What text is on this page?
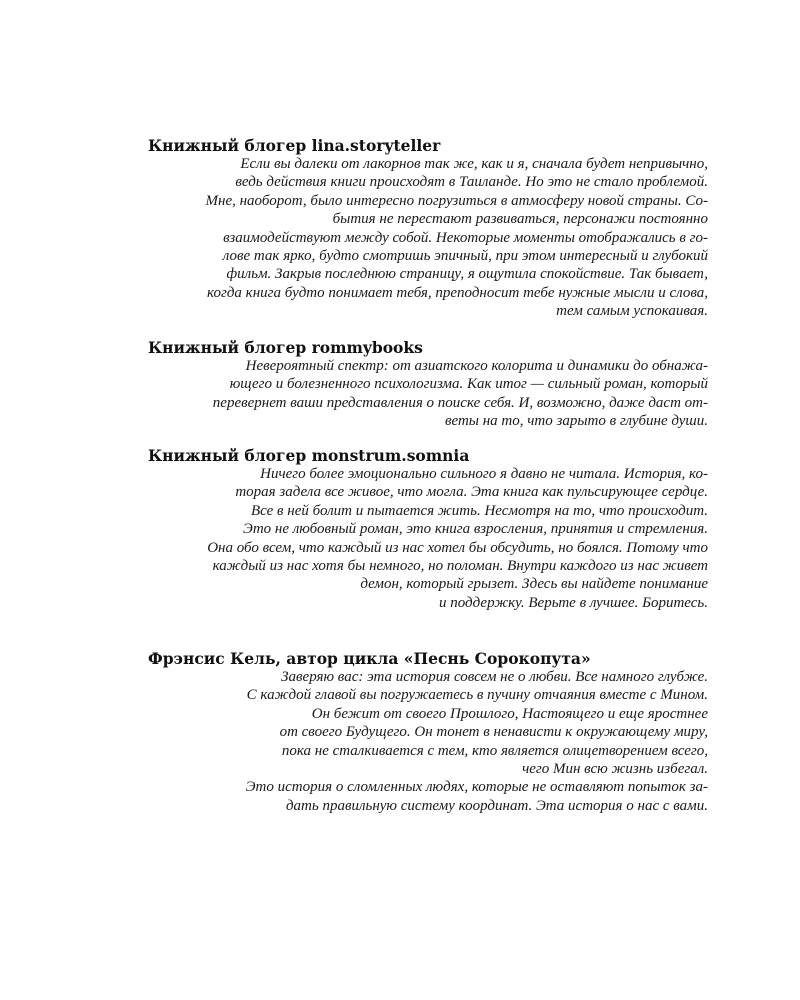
Книжный блогер lina.storyteller
Если вы далеки от лакорнов так же, как и я, сначала будет непривычно,
ведь действия книги происходят в Таиланде. Но это не стало проблемой.
Мне, наоборот, было интересно погрузиться в атмосферу новой страны. Со-
бытия не перестают развиваться, персонажи постоянно
взаимодействуют между собой. Некоторые моменты отображались в го-
лове так ярко, будто смотришь эпичный, при этом интересный и глубокий
фильм. Закрыв последнюю страницу, я ощутила спокойствие. Так бывает,
когда книга будто понимает тебя, преподносит тебе нужные мысли и слова,
тем самым успокаивая.
Книжный блогер rommybooks
Невероятный спектр: от азиатского колорита и динамики до обнажа-
ющего и болезненного психологизма. Как итог — сильный роман, который
перевернет ваши представления о поиске себя. И, возможно, даже даст от-
веты на то, что зарыто в глубине души.
Книжный блогер monstrum.somnia
Ничего более эмоционально сильного я давно не читала. История, ко-
торая задела все живое, что могла. Эта книга как пульсирующее сердце.
Все в ней болит и пытается жить. Несмотря на то, что происходит.
Это не любовный роман, это книга взросления, принятия и стремления.
Она обо всем, что каждый из нас хотел бы обсудить, но боялся. Потому что
каждый из нас хотя бы немного, но поломан. Внутри каждого из нас живет
демон, который грызет. Здесь вы найдете понимание
и поддержку. Верьте в лучшее. Боритесь.
Фрэнсис Кель, автор цикла «Песнь Сорокопута»
Заверяю вас: эта история совсем не о любви. Все намного глубже.
С каждой главой вы погружаетесь в пучину отчаяния вместе с Мином.
Он бежит от своего Прошлого, Настоящего и еще яростнее
от своего Будущего. Он тонет в ненависти к окружающему миру,
пока не сталкивается с тем, кто является олицетворением всего,
чего Мин всю жизнь избегал.
Это история о сломленных людях, которые не оставляют попыток за-
дать правильную систему координат. Эта история о нас с вами.
